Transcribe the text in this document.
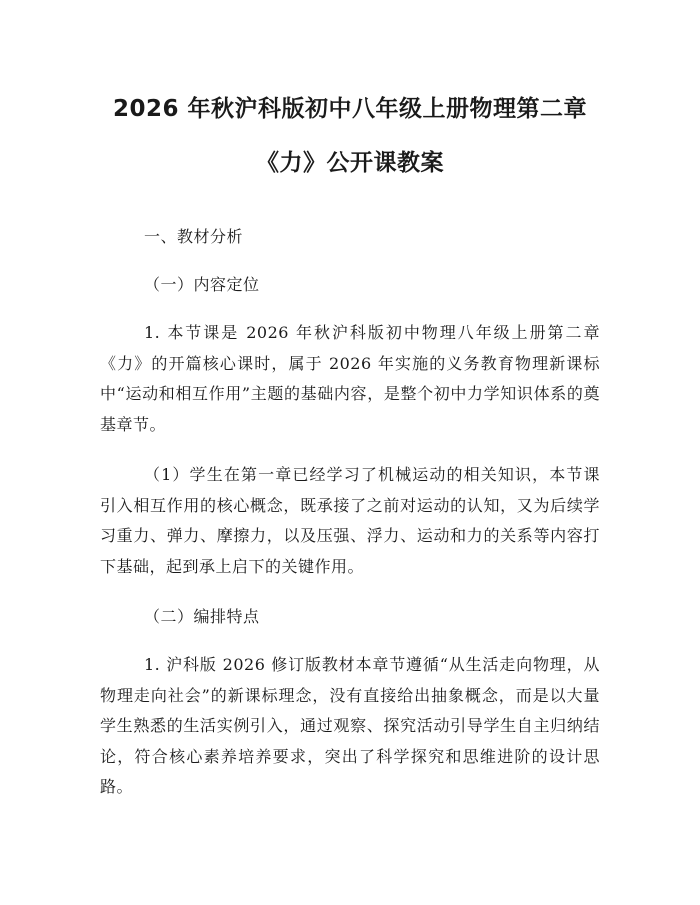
2026 年秋沪科版初中八年级上册物理第二章
《力》公开课教案

一、教材分析

（一）内容定位

1. 本节课是 2026 年秋沪科版初中物理八年级上册第二章《力》的开篇核心课时，属于 2026 年实施的义务教育物理新课标中“运动和相互作用”主题的基础内容，是整个初中力学知识体系的奠基章节。

（1）学生在第一章已经学习了机械运动的相关知识，本节课引入相互作用的核心概念，既承接了之前对运动的认知，又为后续学习重力、弹力、摩擦力，以及压强、浮力、运动和力的关系等内容打下基础，起到承上启下的关键作用。

（二）编排特点

1. 沪科版 2026 修订版教材本章节遵循“从生活走向物理，从物理走向社会”的新课标理念，没有直接给出抽象概念，而是以大量学生熟悉的生活实例引入，通过观察、探究活动引导学生自主归纳结论，符合核心素养培养要求，突出了科学探究和思维进阶的设计思路。
